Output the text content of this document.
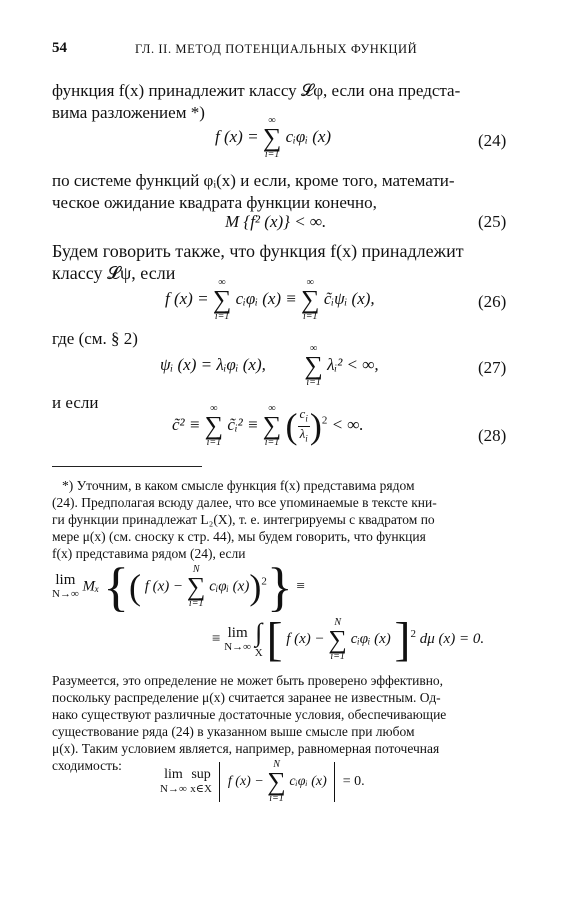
54	ГЛ. II. МЕТОД ПОТЕНЦИАЛЬНЫХ ФУНКЦИЙ
функция f(x) принадлежит классу 𝓛φ, если она предста-
вима разложением *)
f (x) =
∞
∑
i=1
cᵢφᵢ (x)	(24)
по системе функций φᵢ(x) и если, кроме того, математи-
ческое ожидание квадрата функции конечно,
M {f² (x)} < ∞.	(25)
Будем говорить также, что функция f(x) принадлежит
классу 𝓛ψ, если
f (x) =
∞
∑
i=1
cᵢφᵢ (x) ≡
∞
∑
i=1
c̃ᵢψᵢ (x),	(26)
где (см. § 2)
ψᵢ (x) = λᵢφᵢ (x),
∞
∑
i=1
λᵢ² < ∞,	(27)
и если
c̃² ≡
∞
∑
i=1
c̃ᵢ² ≡
∞
∑
i=1 ( $\frac{c_i}{\lambda_i} )^2$ < ∞.
(28)
*) Уточним, в каком смысле функция f(x) представима рядом
(24). Предполагая всюду далее, что все упоминаемые в тексте кни-
ги функции принадлежат L₂(X), т. е. интегрируемы с квадратом по
мере μ(x) (см. сноску к стр. 44), мы будем говорить, что функция
f(x) представима рядом (24), если
lim
N→∞ Mₓ {( f (x) −
N
∑
i=1
cᵢφᵢ (x))$^2$} ≡
≡ lim
N→∞ ∫
X [ f (x) −
N
∑
i=1
cᵢφᵢ (x) ]$^2$ dμ (x) = 0.
Разумеется, это определение не может быть проверено эффективно,
поскольку распределение μ(x) считается заранее не известным. Од-
нако существуют различные достаточные условия, обеспечивающие
существование ряда (24) в указанном выше смысле при любом
μ(x). Таким условием является, например, равномерная поточечная
сходимость:
lim
N→∞
sup
x∈X f (x) −
N
∑
i=1
cᵢφᵢ (x) = 0.
